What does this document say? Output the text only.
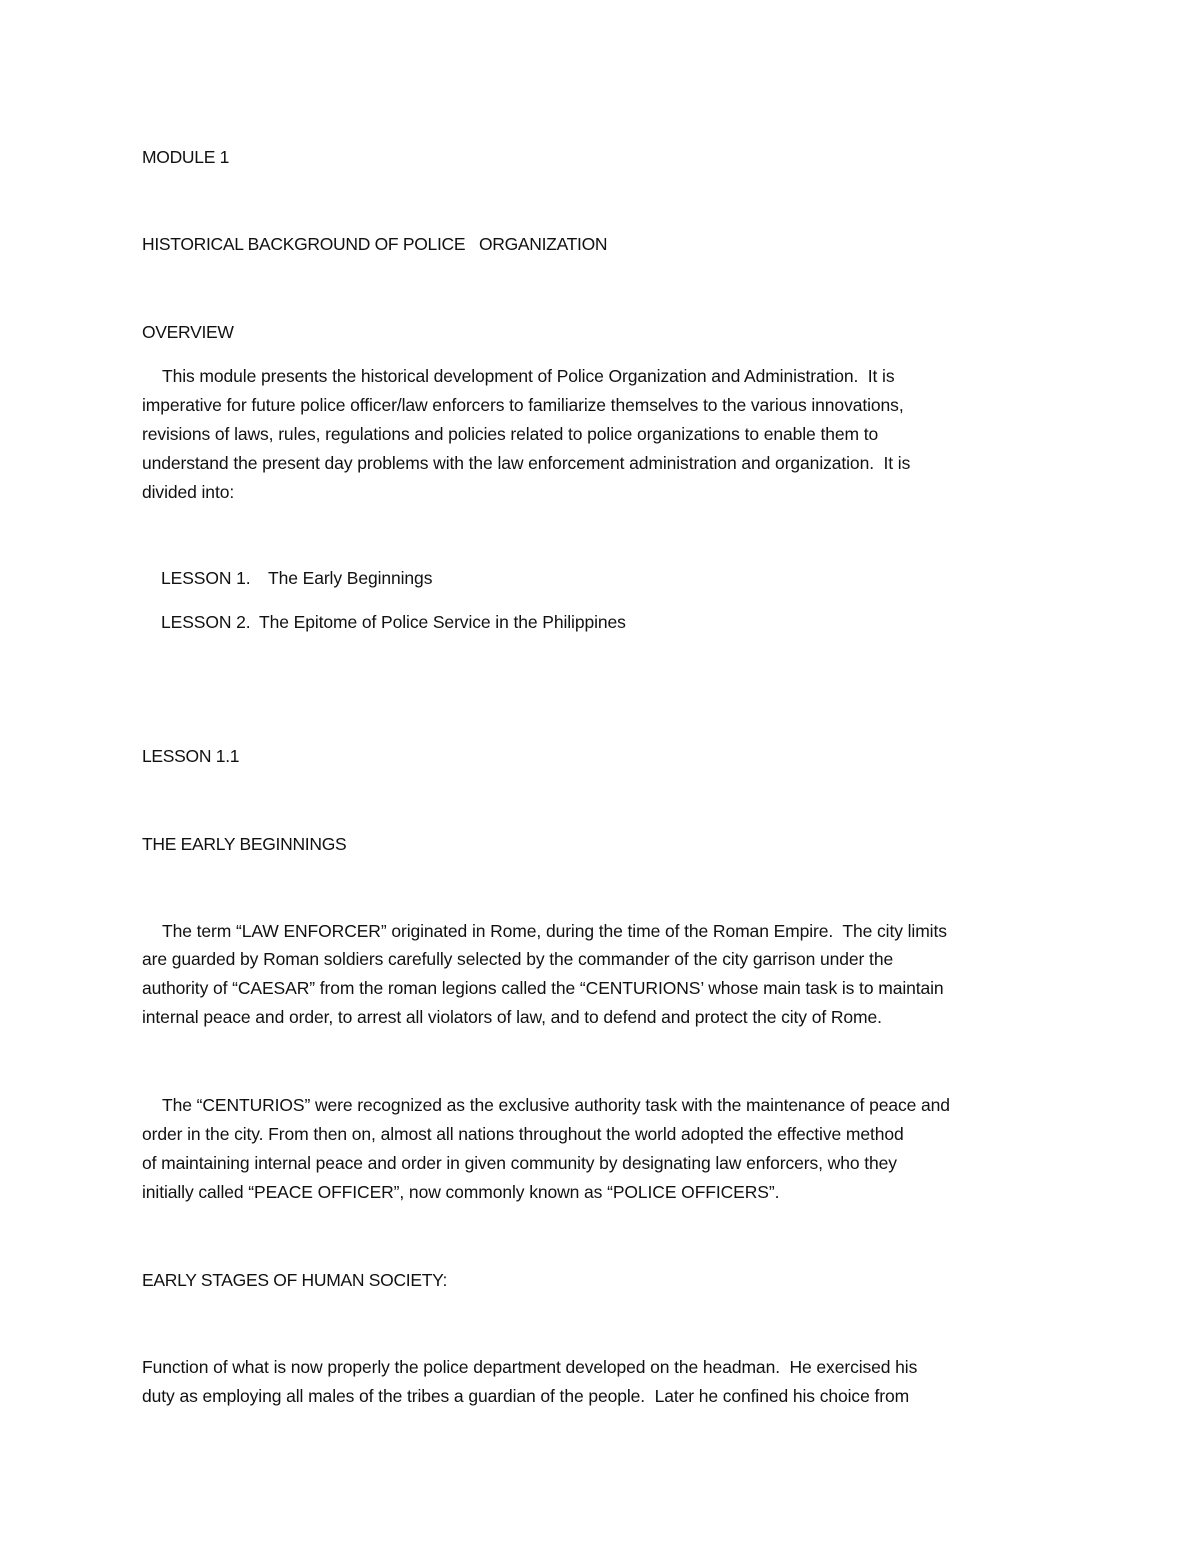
MODULE 1
HISTORICAL BACKGROUND OF POLICE   ORGANIZATION
OVERVIEW
This module presents the historical development of Police Organization and Administration.  It is
imperative for future police officer/law enforcers to familiarize themselves to the various innovations,
revisions of laws, rules, regulations and policies related to police organizations to enable them to
understand the present day problems with the law enforcement administration and organization.  It is
divided into:
LESSON 1. The Early Beginnings
LESSON 2. The Epitome of Police Service in the Philippines
LESSON 1.1
THE EARLY BEGINNINGS
The term “LAW ENFORCER” originated in Rome, during the time of the Roman Empire.  The city limits
are guarded by Roman soldiers carefully selected by the commander of the city garrison under the
authority of “CAESAR” from the roman legions called the “CENTURIONS’ whose main task is to maintain
internal peace and order, to arrest all violators of law, and to defend and protect the city of Rome.
The “CENTURIOS” were recognized as the exclusive authority task with the maintenance of peace and
order in the city. From then on, almost all nations throughout the world adopted the effective method
of maintaining internal peace and order in given community by designating law enforcers, who they
initially called “PEACE OFFICER”, now commonly known as “POLICE OFFICERS”.
EARLY STAGES OF HUMAN SOCIETY:
Function of what is now properly the police department developed on the headman.  He exercised his
duty as employing all males of the tribes a guardian of the people.  Later he confined his choice from
